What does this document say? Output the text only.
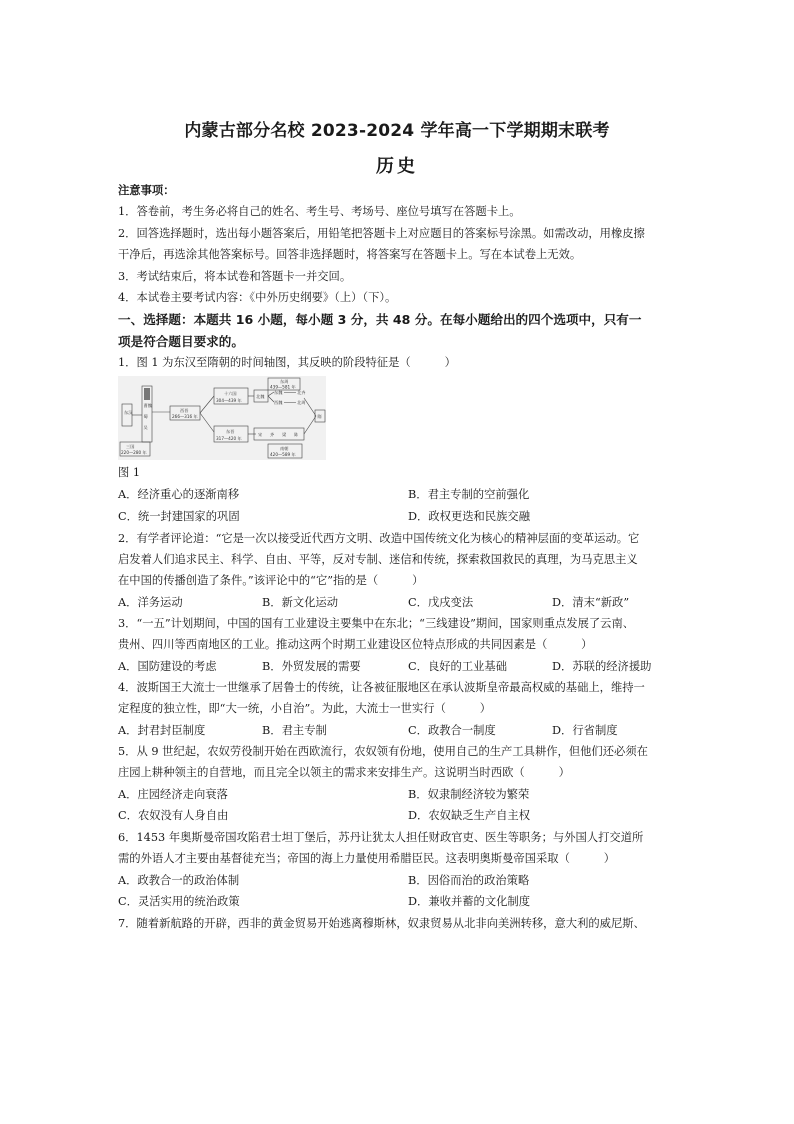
内蒙古部分名校 2023-2024 学年高一下学期期末联考
历史
注意事项：
1．答卷前，考生务必将自己的姓名、考生号、考场号、座位号填写在答题卡上。
2．回答选择题时，选出每小题答案后，用铅笔把答题卡上对应题目的答案标号涂黑。如需改动，用橡皮擦
干净后，再选涂其他答案标号。回答非选择题时，将答案写在答题卡上。写在本试卷上无效。
3．考试结束后，将本试卷和答题卡一并交回。
4．本试卷主要考试内容：《中外历史纲要》（上）（下）。
一、选择题：本题共 16 小题，每小题 3 分，共 48 分。在每小题给出的四个选项中，只有一
项是符合题目要求的。
1．图 1 为东汉至隋朝的时间轴图，其反映的阶段特征是（　　　）
东汉
曹魏
蜀
吴
三国
220—280 年
西晋
266—316 年
十六国
304—439 年
东晋
317—420 年
北魏
东周
439—581 年
东魏
西魏
北齐
北周
宋 齐 梁 陈
南朝
420—589 年
隋
图 1
A．经济重心的逐渐南移	B．君主专制的空前强化
C．统一封建国家的巩固	D．政权更迭和民族交融
2．有学者评论道：“它是一次以接受近代西方文明、改造中国传统文化为核心的精神层面的变革运动。它
启发着人们追求民主、科学、自由、平等，反对专制、迷信和传统，探索救国救民的真理，为马克思主义
在中国的传播创造了条件。”该评论中的“它”指的是（　　　）
A．洋务运动	B．新文化运动	C．戊戌变法	D．清末“新政”
3．“一五”计划期间，中国的国有工业建设主要集中在东北；“三线建设”期间，国家则重点发展了云南、
贵州、四川等西南地区的工业。推动这两个时期工业建设区位特点形成的共同因素是（　　　）
A．国防建设的考虑	B．外贸发展的需要	C．良好的工业基础	D．苏联的经济援助
4．波斯国王大流士一世继承了居鲁士的传统，让各被征服地区在承认波斯皇帝最高权威的基础上，维持一
定程度的独立性，即“大一统，小自治”。为此，大流士一世实行（　　　）
A．封君封臣制度	B．君主专制	C．政教合一制度	D．行省制度
5．从 9 世纪起，农奴劳役制开始在西欧流行，农奴领有份地，使用自己的生产工具耕作，但他们还必须在
庄园上耕种领主的自营地，而且完全以领主的需求来安排生产。这说明当时西欧（　　　）
A．庄园经济走向衰落	B．奴隶制经济较为繁荣
C．农奴没有人身自由	D．农奴缺乏生产自主权
6．1453 年奥斯曼帝国攻陷君士坦丁堡后，苏丹让犹太人担任财政官吏、医生等职务；与外国人打交道所
需的外语人才主要由基督徒充当；帝国的海上力量使用希腊臣民。这表明奥斯曼帝国采取（　　　）
A．政教合一的政治体制	B．因俗而治的政治策略
C．灵活实用的统治政策	D．兼收并蓄的文化制度
7．随着新航路的开辟，西非的黄金贸易开始逃离穆斯林，奴隶贸易从北非向美洲转移，意大利的威尼斯、
